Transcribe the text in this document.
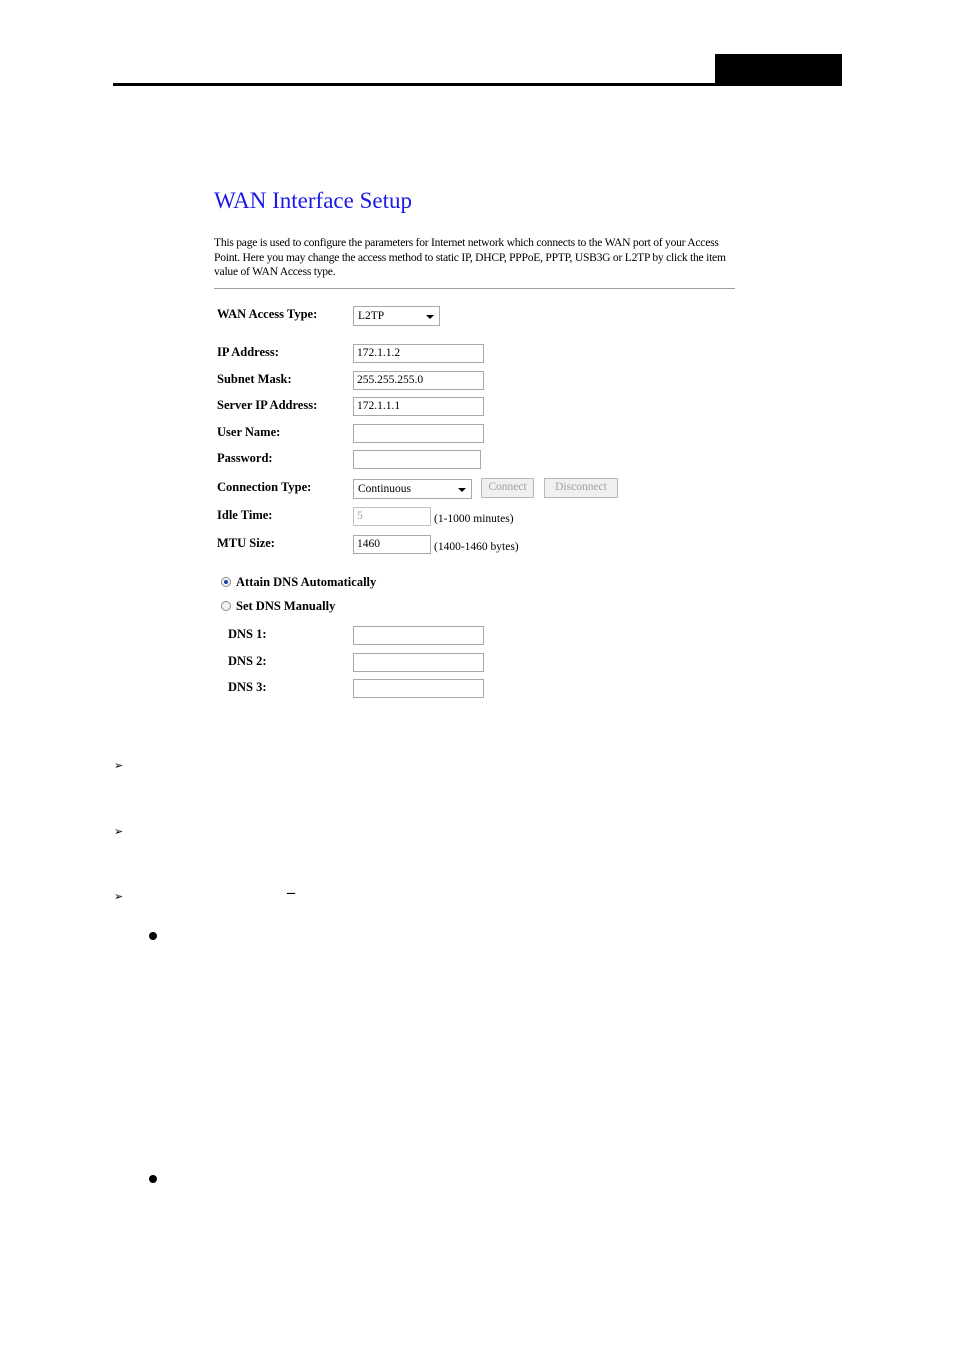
WAN Interface Setup
This page is used to configure the parameters for Internet network which connects to the WAN port of your Access Point. Here you may change the access method to static IP, DHCP, PPPoE, PPTP, USB3G or L2TP by click the item value of WAN Access type.
WAN Access Type:	L2TP
IP Address:	172.1.1.2
Subnet Mask:	255.255.255.0
Server IP Address:	172.1.1.1
User Name:
Password:
Connection Type:	Continuous	Connect	Disconnect
Idle Time:	5	(1-1000 minutes)
MTU Size:	1460	(1400-1460 bytes)
Attain DNS Automatically
Set DNS Manually
DNS 1:
DNS 2:
DNS 3:
➢
➢
➢	–
